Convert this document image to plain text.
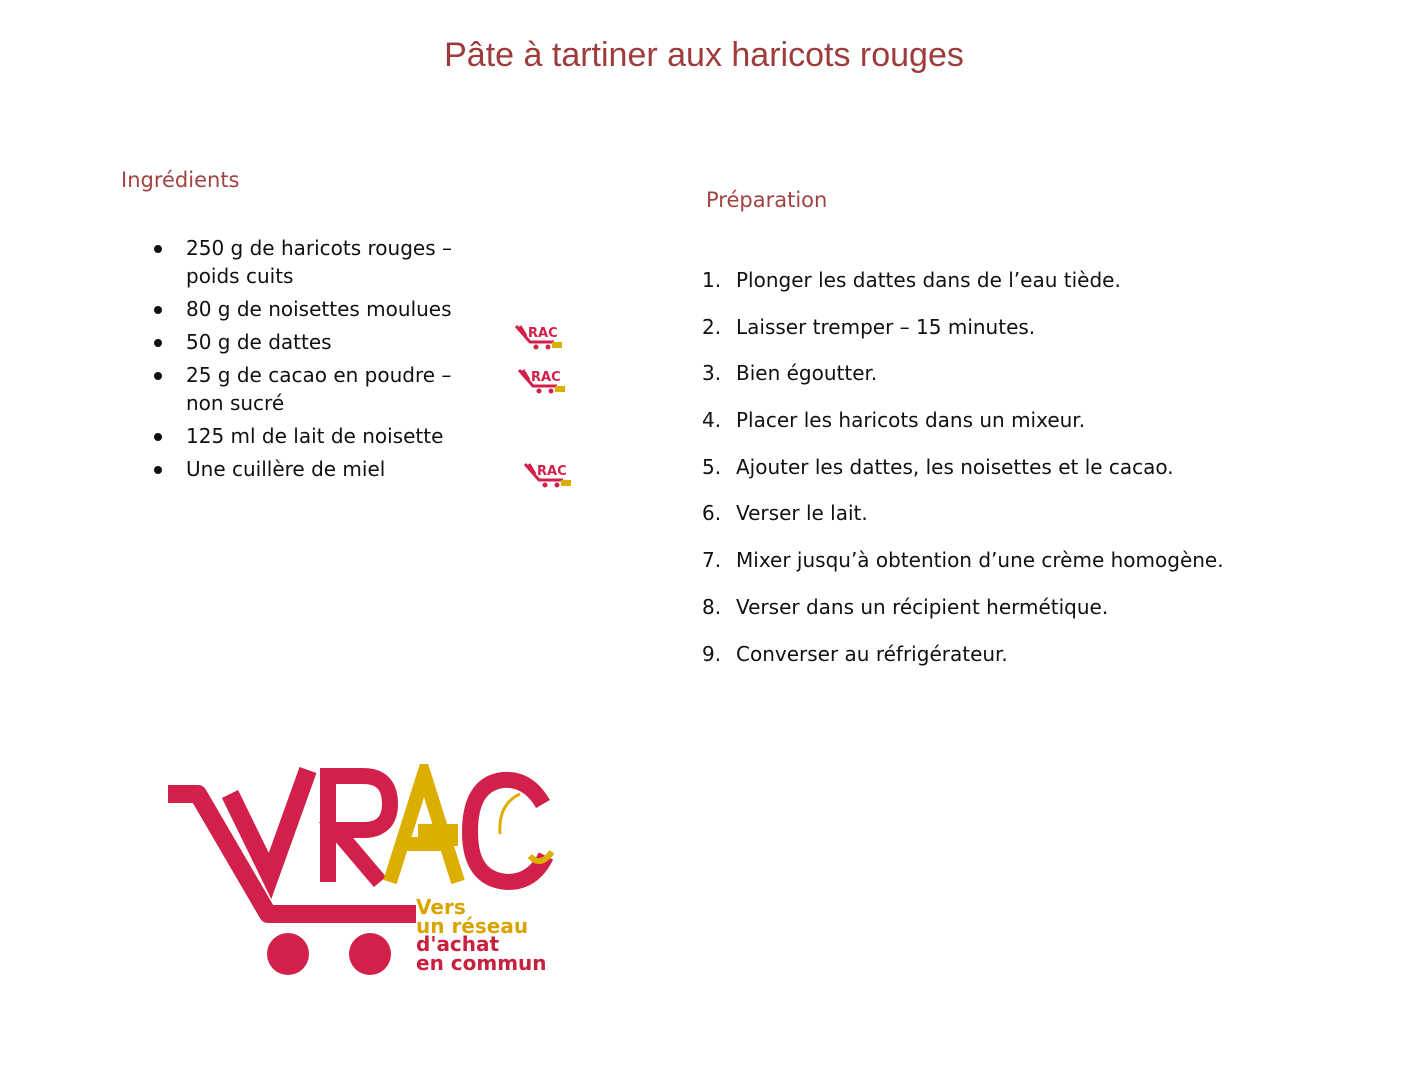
Pâte à tartiner aux haricots rouges
Ingrédients
250 g de haricots rouges – poids cuits
80 g de noisettes moulues
50 g de dattes
25 g de cacao en poudre – non sucré
125 ml de lait de noisette
Une cuillère de miel
RAC
RAC
RAC
Préparation
1. Plonger les dattes dans de l’eau tiède.
2. Laisser tremper – 15 minutes.
3. Bien égoutter.
4. Placer les haricots dans un mixeur.
5. Ajouter les dattes, les noisettes et le cacao.
6. Verser le lait.
7. Mixer jusqu’à obtention d’une crème homogène.
8. Verser dans un récipient hermétique.
9. Converser au réfrigérateur.
Vers
un réseau
d'achat
en commun
